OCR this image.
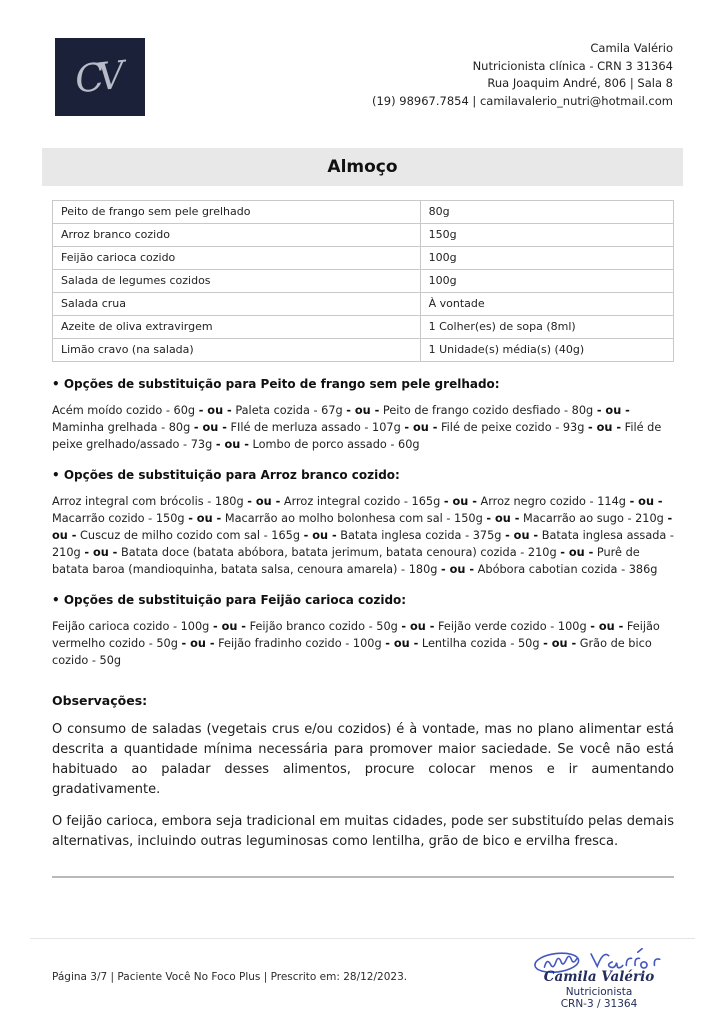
CV
Camila Valério
Nutricionista clínica - CRN 3 31364
Rua Joaquim André, 806 | Sala 8
(19) 98967.7854 | camilavalerio_nutri@hotmail.com
Almoço
Peito de frango sem pele grelhado	80g
Arroz branco cozido	150g
Feijão carioca cozido	100g
Salada de legumes cozidos	100g
Salada crua	À vontade
Azeite de oliva extravirgem	1 Colher(es) de sopa (8ml)
Limão cravo (na salada)	1 Unidade(s) média(s) (40g)
• Opções de substituição para Peito de frango sem pele grelhado:

Acém moído cozido - 60g - ou - Paleta cozida - 67g - ou - Peito de frango cozido desfiado - 80g - ou - Maminha grelhada - 80g - ou - FIlé de merluza assado - 107g - ou - Filé de peixe cozido - 93g - ou - Filé de peixe grelhado/assado - 73g - ou - Lombo de porco assado - 60g

• Opções de substituição para Arroz branco cozido:

Arroz integral com brócolis - 180g - ou - Arroz integral cozido - 165g - ou - Arroz negro cozido - 114g - ou - Macarrão cozido - 150g - ou - Macarrão ao molho bolonhesa com sal - 150g - ou - Macarrão ao sugo - 210g - ou - Cuscuz de milho cozido com sal - 165g - ou - Batata inglesa cozida - 375g - ou - Batata inglesa assada - 210g - ou - Batata doce (batata abóbora, batata jerimum, batata cenoura) cozida - 210g - ou - Purê de batata baroa (mandioquinha, batata salsa, cenoura amarela) - 180g - ou - Abóbora cabotian cozida - 386g

• Opções de substituição para Feijão carioca cozido:

Feijão carioca cozido - 100g - ou - Feijão branco cozido - 50g - ou - Feijão verde cozido - 100g - ou - Feijão vermelho cozido - 50g - ou - Feijão fradinho cozido - 100g - ou - Lentilha cozida - 50g - ou - Grão de bico cozido - 50g

Observações:

O consumo de saladas (vegetais crus e/ou cozidos) é à vontade, mas no plano alimentar está descrita a quantidade mínima necessária para promover maior saciedade. Se você não está habituado ao paladar desses alimentos, procure colocar menos e ir aumentando gradativamente.

O feijão carioca, embora seja tradicional em muitas cidades, pode ser substituído pelas demais alternativas, incluindo outras leguminosas como lentilha, grão de bico e ervilha fresca.

Página 3/7 | Paciente Você No Foco Plus | Prescrito em: 28/12/2023.	Camila Valério
Nutricionista
CRN-3 / 31364
